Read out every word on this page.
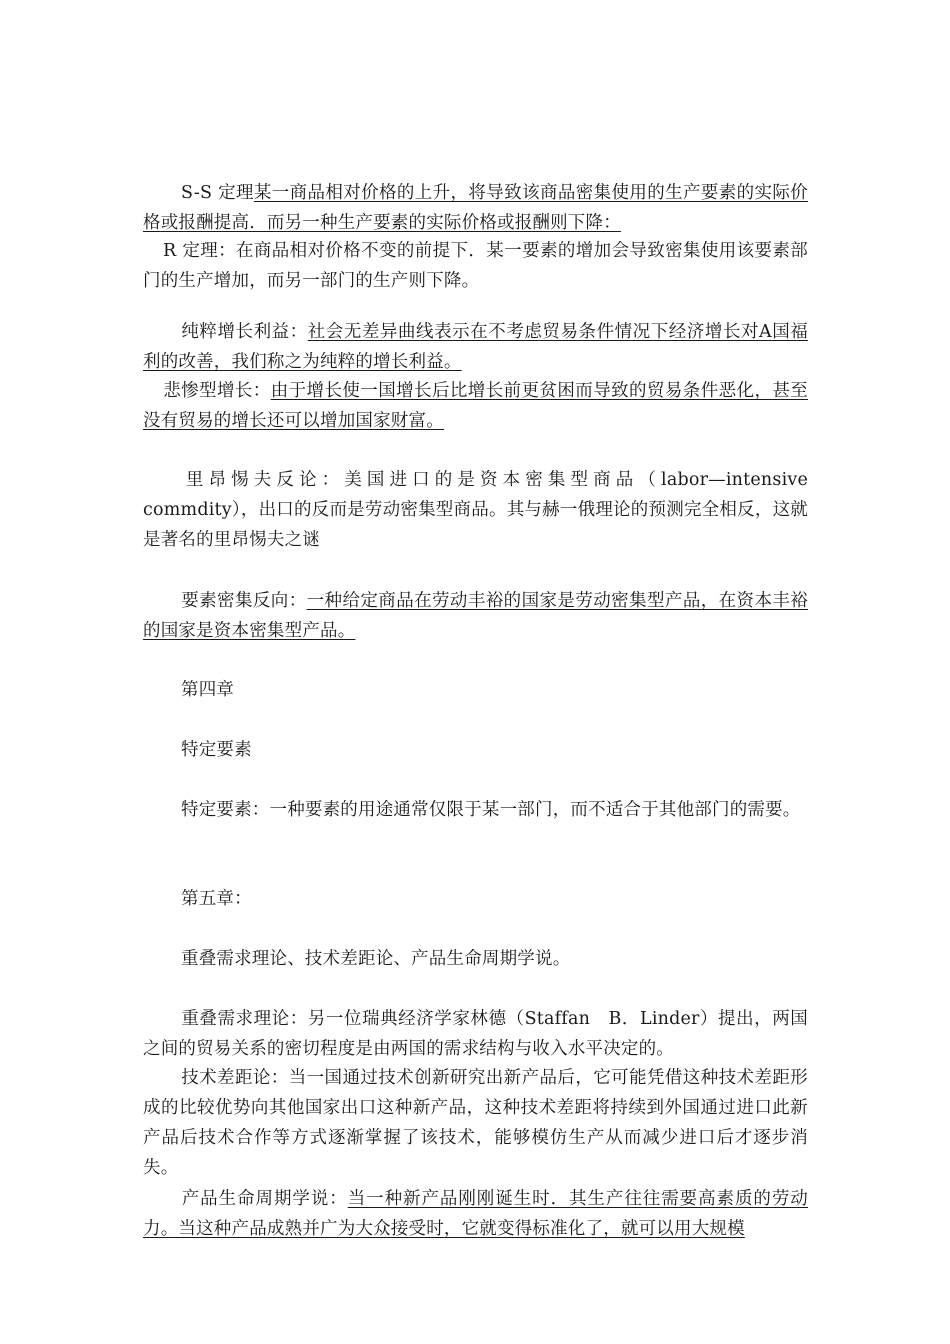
S-S 定理某一商品相对价格的上升，将导致该商品密集使用的生产要素的实际价格或报酬提高．而另一种生产要素的实际价格或报酬则下降：

R 定理：在商品相对价格不变的前提下．某一要素的增加会导致密集使用该要素部门的生产增加，而另一部门的生产则下降。

纯粹增长利益：社会无差异曲线表示在不考虑贸易条件情况下经济增长对A国福利的改善，我们称之为纯粹的增长利益。

悲惨型增长：由于增长使一国增长后比增长前更贫困而导致的贸易条件恶化，甚至没有贸易的增长还可以增加国家财富。

里昂惕夫反论：美国进口的是资本密集型商品（labor—intensive commdity），出口的反而是劳动密集型商品。其与赫一俄理论的预测完全相反，这就是著名的里昂惕夫之谜

要素密集反向：一种给定商品在劳动丰裕的国家是劳动密集型产品，在资本丰裕的国家是资本密集型产品。

第四章

特定要素

特定要素：一种要素的用途通常仅限于某一部门，而不适合于其他部门的需要。

第五章：

重叠需求理论、技术差距论、产品生命周期学说。

重叠需求理论：另一位瑞典经济学家林德（Staffan　B．Linder）提出，两国之间的贸易关系的密切程度是由两国的需求结构与收入水平决定的。

技术差距论：当一国通过技术创新研究出新产品后，它可能凭借这种技术差距形成的比较优势向其他国家出口这种新产品，这种技术差距将持续到外国通过进口此新产品后技术合作等方式逐渐掌握了该技术，能够模仿生产从而减少进口后才逐步消失。

产品生命周期学说：当一种新产品刚刚诞生时．其生产往往需要高素质的劳动力。当这种产品成熟并广为大众接受时，它就变得标准化了，就可以用大规模
